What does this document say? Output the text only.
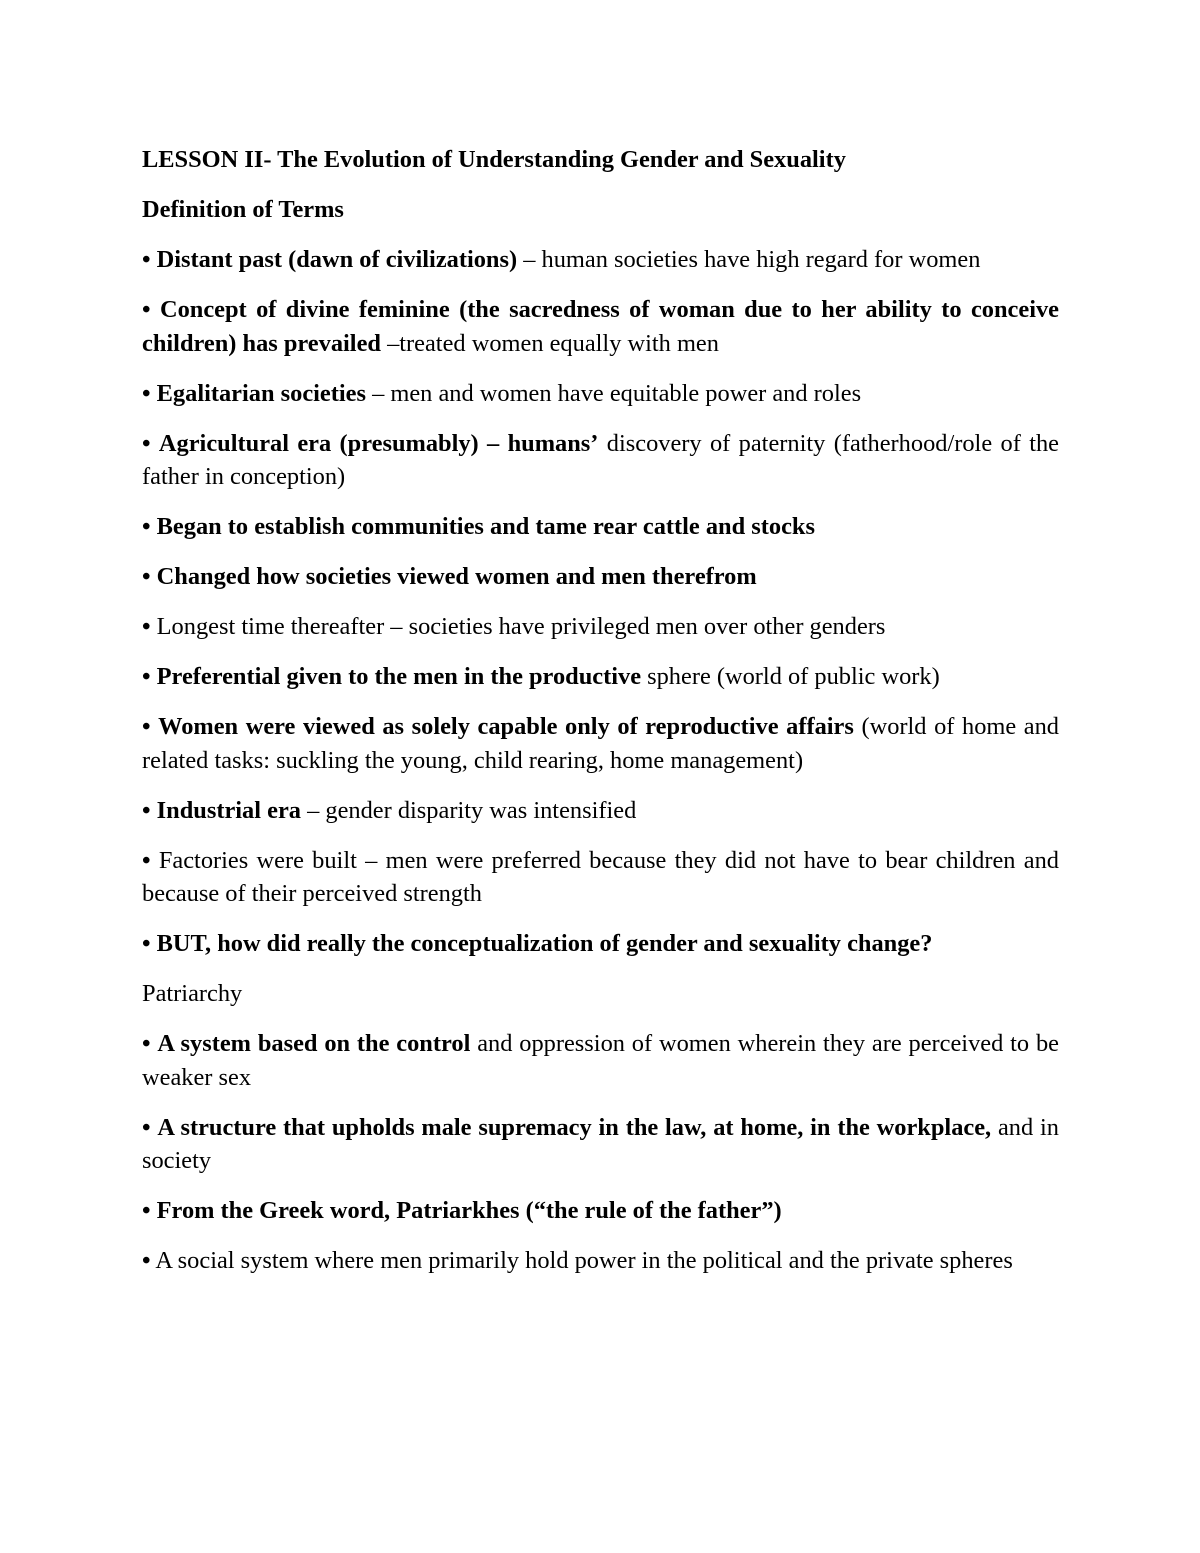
LESSON II- The Evolution of Understanding Gender and Sexuality

Definition of Terms

• Distant past (dawn of civilizations) – human societies have high regard for women

• Concept of divine feminine (the sacredness of woman due to her ability to conceive children) has prevailed –treated women equally with men

• Egalitarian societies – men and women have equitable power and roles

• Agricultural era (presumably) – humans’ discovery of paternity (fatherhood/role of the father in conception)

• Began to establish communities and tame rear cattle and stocks

• Changed how societies viewed women and men therefrom

• Longest time thereafter – societies have privileged men over other genders

• Preferential given to the men in the productive sphere (world of public work)

• Women were viewed as solely capable only of reproductive affairs (world of home and related tasks: suckling the young, child rearing, home management)

• Industrial era – gender disparity was intensified

• Factories were built – men were preferred because they did not have to bear children and because of their perceived strength

• BUT, how did really the conceptualization of gender and sexuality change?

Patriarchy

• A system based on the control and oppression of women wherein they are perceived to be weaker sex

• A structure that upholds male supremacy in the law, at home, in the workplace, and in society

• From the Greek word, Patriarkhes (“the rule of the father”)

• A social system where men primarily hold power in the political and the private spheres
